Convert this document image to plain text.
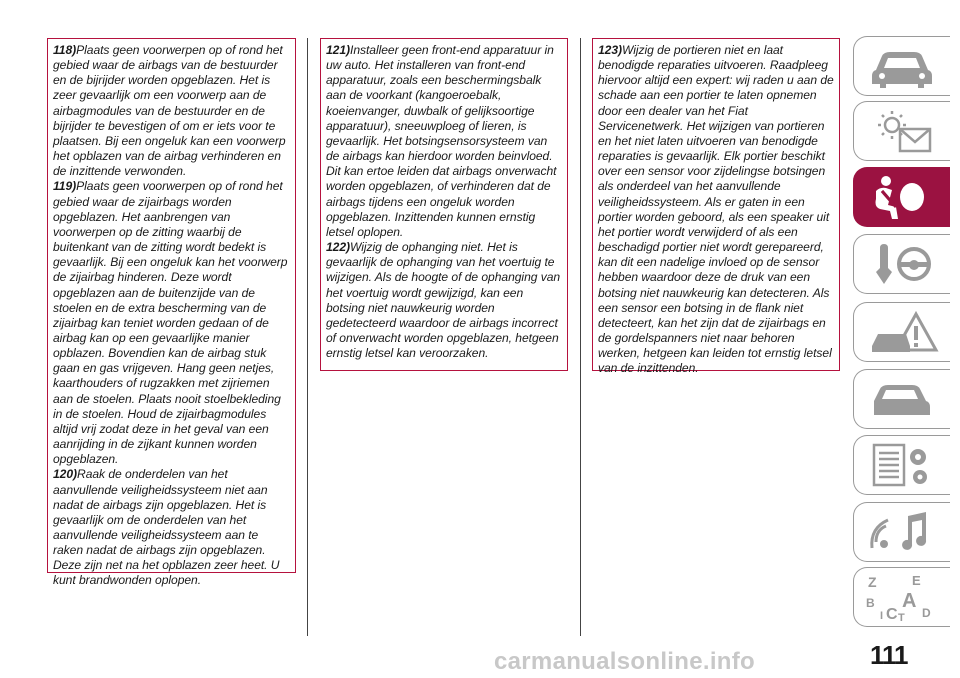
118)Plaats geen voorwerpen op of rond het gebied waar de airbags van de bestuurder en de bijrijder worden opgeblazen. Het is zeer gevaarlijk om een voorwerp aan de airbagmodules van de bestuurder en de bijrijder te bevestigen of om er iets voor te plaatsen. Bij een ongeluk kan een voorwerp het opblazen van de airbag verhinderen en de inzittende verwonden.

119)Plaats geen voorwerpen op of rond het gebied waar de zijairbags worden opgeblazen. Het aanbrengen van voorwerpen op de zitting waarbij de buitenkant van de zitting wordt bedekt is gevaarlijk. Bij een ongeluk kan het voorwerp de zijairbag hinderen. Deze wordt opgeblazen aan de buitenzijde van de stoelen en de extra bescherming van de zijairbag kan teniet worden gedaan of de airbag kan op een gevaarlijke manier opblazen. Bovendien kan de airbag stuk gaan en gas vrijgeven. Hang geen netjes, kaarthouders of rugzakken met zijriemen aan de stoelen. Plaats nooit stoelbekleding in de stoelen. Houd de zijairbagmodules altijd vrij zodat deze in het geval van een aanrijding in de zijkant kunnen worden opgeblazen.

120)Raak de onderdelen van het aanvullende veiligheidssysteem niet aan nadat de airbags zijn opgeblazen. Het is gevaarlijk om de onderdelen van het aanvullende veiligheidssysteem aan te raken nadat de airbags zijn opgeblazen. Deze zijn net na het opblazen zeer heet. U kunt brandwonden oplopen.

121)Installeer geen front-end apparatuur in uw auto. Het installeren van front-end apparatuur, zoals een beschermingsbalk aan de voorkant (kangoeroebalk, koeienvanger, duwbalk of gelijksoortige apparatuur), sneeuwploeg of lieren, is gevaarlijk. Het botsingsensorsysteem van de airbags kan hierdoor worden beinvloed. Dit kan ertoe leiden dat airbags onverwacht worden opgeblazen, of verhinderen dat de airbags tijdens een ongeluk worden opgeblazen. Inzittenden kunnen ernstig letsel oplopen.

122)Wijzig de ophanging niet. Het is gevaarlijk de ophanging van het voertuig te wijzigen. Als de hoogte of de ophanging van het voertuig wordt gewijzigd, kan een botsing niet nauwkeurig worden gedetecteerd waardoor de airbags incorrect of onverwacht worden opgeblazen, hetgeen ernstig letsel kan veroorzaken.

123)Wijzig de portieren niet en laat benodigde reparaties uitvoeren. Raadpleeg hiervoor altijd een expert: wij raden u aan de schade aan een portier te laten opnemen door een dealer van het Fiat Servicenetwerk. Het wijzigen van portieren en het niet laten uitvoeren van benodigde reparaties is gevaarlijk. Elk portier beschikt over een sensor voor zijdelingse botsingen als onderdeel van het aanvullende veiligheidssysteem. Als er gaten in een portier worden geboord, als een speaker uit het portier wordt verwijderd of als een beschadigd portier niet wordt gerepareerd, kan dit een nadelige invloed op de sensor hebben waardoor deze de druk van een botsing niet nauwkeurig kan detecteren. Als een sensor een botsing in de flank niet detecteert, kan het zijn dat de zijairbags en de gordelspanners niet naar behoren werken, hetgeen kan leiden tot ernstig letsel van de inzittenden.

Z	E
B A
I C T D
111
carmanualsonline.info
